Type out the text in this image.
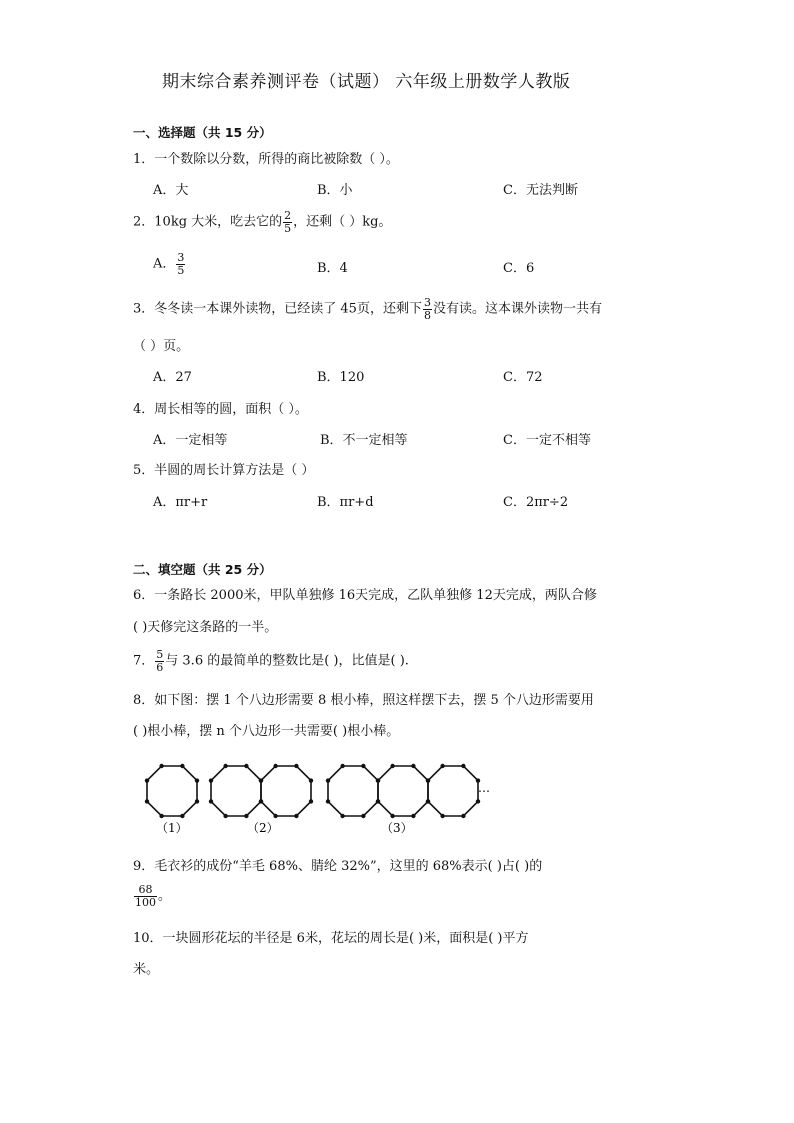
期末综合素养测评卷（试题） 六年级上册数学人教版
一、选择题（共 15 分）
1．一个数除以分数，所得的商比被除数（ ）。
A．大	B．小	C．无法判断
2．10kg 大米，吃去它的 $\frac{2}{5}$ ，还剩（ ）kg。
A． $\frac{3}{5}$	B．4	C．6
3．冬冬读一本课外读物，已经读了 45页，还剩下 $\frac{3}{8}$ 没有读。这本课外读物一共有
（ ）页。
A．27	B．120	C．72
4．周长相等的圆，面积（ ）。
A．一定相等	B．不一定相等	C．一定不相等
5．半圆的周长计算方法是（ ）
A．πr+r	B．πr+d	C．2πr÷2
二、填空题（共 25 分）
6．一条路长 2000米，甲队单独修 16天完成，乙队单独修 12天完成，两队合修
( )天修完这条路的一半。
7． $\frac{5}{6}$ 与 3.6 的最简单的整数比是( )，比值是( ).
8．如下图：摆 1 个八边形需要 8 根小棒，照这样摆下去，摆 5 个八边形需要用
( )根小棒，摆 n 个八边形一共需要( )根小棒。
（1）	（2）	（3）
…
9．毛衣衫的成份“羊毛 68%、腈纶 32%”，这里的 68%表示( )占( )的
$\frac{68}{100}$ 。
10．一块圆形花坛的半径是 6米，花坛的周长是( )米，面积是( )平方
米。
